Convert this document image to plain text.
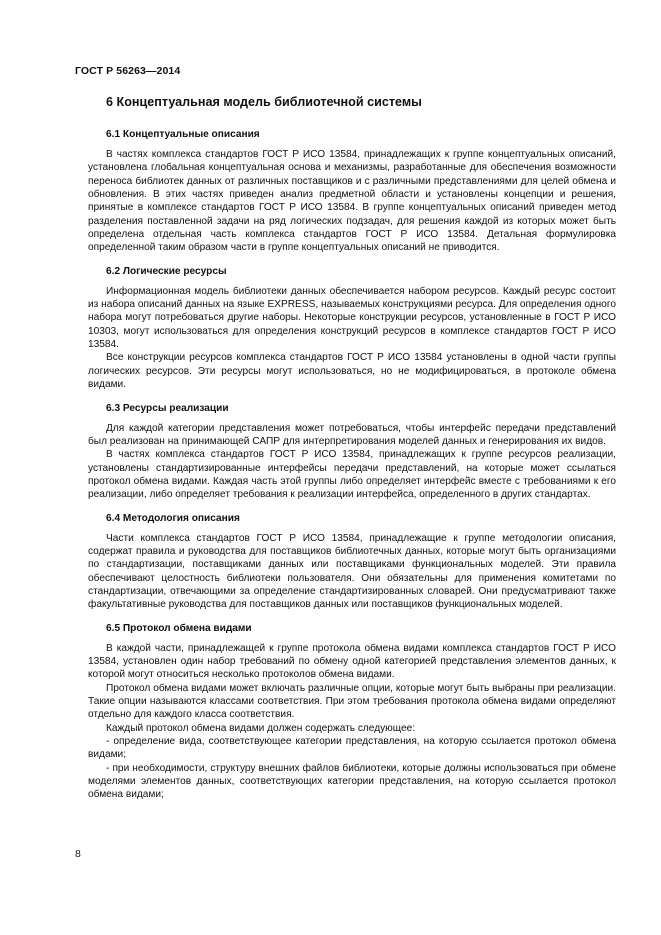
ГОСТ Р 56263—2014
6 Концептуальная модель библиотечной системы
6.1 Концептуальные описания

В частях комплекса стандартов ГОСТ Р ИСО 13584, принадлежащих к группе концептуальных описаний, установлена глобальная концептуальная основа и механизмы, разработанные для обеспечения возможности переноса библиотек данных от различных поставщиков и с различными представлениями для целей обмена и обновления. В этих частях приведен анализ предметной области и установлены концепции и решения, принятые в комплексе стандартов ГОСТ Р ИСО 13584. В группе концептуальных описаний приведен метод разделения поставленной задачи на ряд логических подзадач, для решения каждой из которых может быть определена отдельная часть комплекса стандартов ГОСТ Р ИСО 13584. Детальная формулировка определенной таким образом части в группе концептуальных описаний не приводится.

6.2 Логические ресурсы

Информационная модель библиотеки данных обеспечивается набором ресурсов. Каждый ресурс состоит из набора описаний данных на языке EXPRESS, называемых конструкциями ресурса. Для определения одного набора могут потребоваться другие наборы. Некоторые конструкции ресурсов, установленные в ГОСТ Р ИСО 10303, могут использоваться для определения конструкций ресурсов в комплексе стандартов ГОСТ Р ИСО 13584.

Все конструкции ресурсов комплекса стандартов ГОСТ Р ИСО 13584 установлены в одной части группы логических ресурсов. Эти ресурсы могут использоваться, но не модифицироваться, в протоколе обмена видами.

6.3 Ресурсы реализации

Для каждой категории представления может потребоваться, чтобы интерфейс передачи представлений был реализован на принимающей САПР для интерпретирования моделей данных и генерирования их видов.

В частях комплекса стандартов ГОСТ Р ИСО 13584, принадлежащих к группе ресурсов реализации, установлены стандартизированные интерфейсы передачи представлений, на которые может ссылаться протокол обмена видами. Каждая часть этой группы либо определяет интерфейс вместе с требованиями к его реализации, либо определяет требования к реализации интерфейса, определенного в других стандартах.

6.4 Методология описания

Части комплекса стандартов ГОСТ Р ИСО 13584, принадлежащие к группе методологии описания, содержат правила и руководства для поставщиков библиотечных данных, которые могут быть организациями по стандартизации, поставщиками данных или поставщиками функциональных моделей. Эти правила обеспечивают целостность библиотеки пользователя. Они обязательны для применения комитетами по стандартизации, отвечающими за определение стандартизированных словарей. Они предусматривают также факультативные руководства для поставщиков данных или поставщиков функциональных моделей.

6.5 Протокол обмена видами

В каждой части, принадлежащей к группе протокола обмена видами комплекса стандартов ГОСТ Р ИСО 13584, установлен один набор требований по обмену одной категорией представления элементов данных, к которой могут относиться несколько протоколов обмена видами.

Протокол обмена видами может включать различные опции, которые могут быть выбраны при реализации. Такие опции называются классами соответствия. При этом требования протокола обмена видами определяют отдельно для каждого класса соответствия.

Каждый протокол обмена видами должен содержать следующее:

- определение вида, соответствующее категории представления, на которую ссылается протокол обмена видами;

- при необходимости, структуру внешних файлов библиотеки, которые должны использоваться при обмене моделями элементов данных, соответствующих категории представления, на которую ссылается протокол обмена видами;

8
